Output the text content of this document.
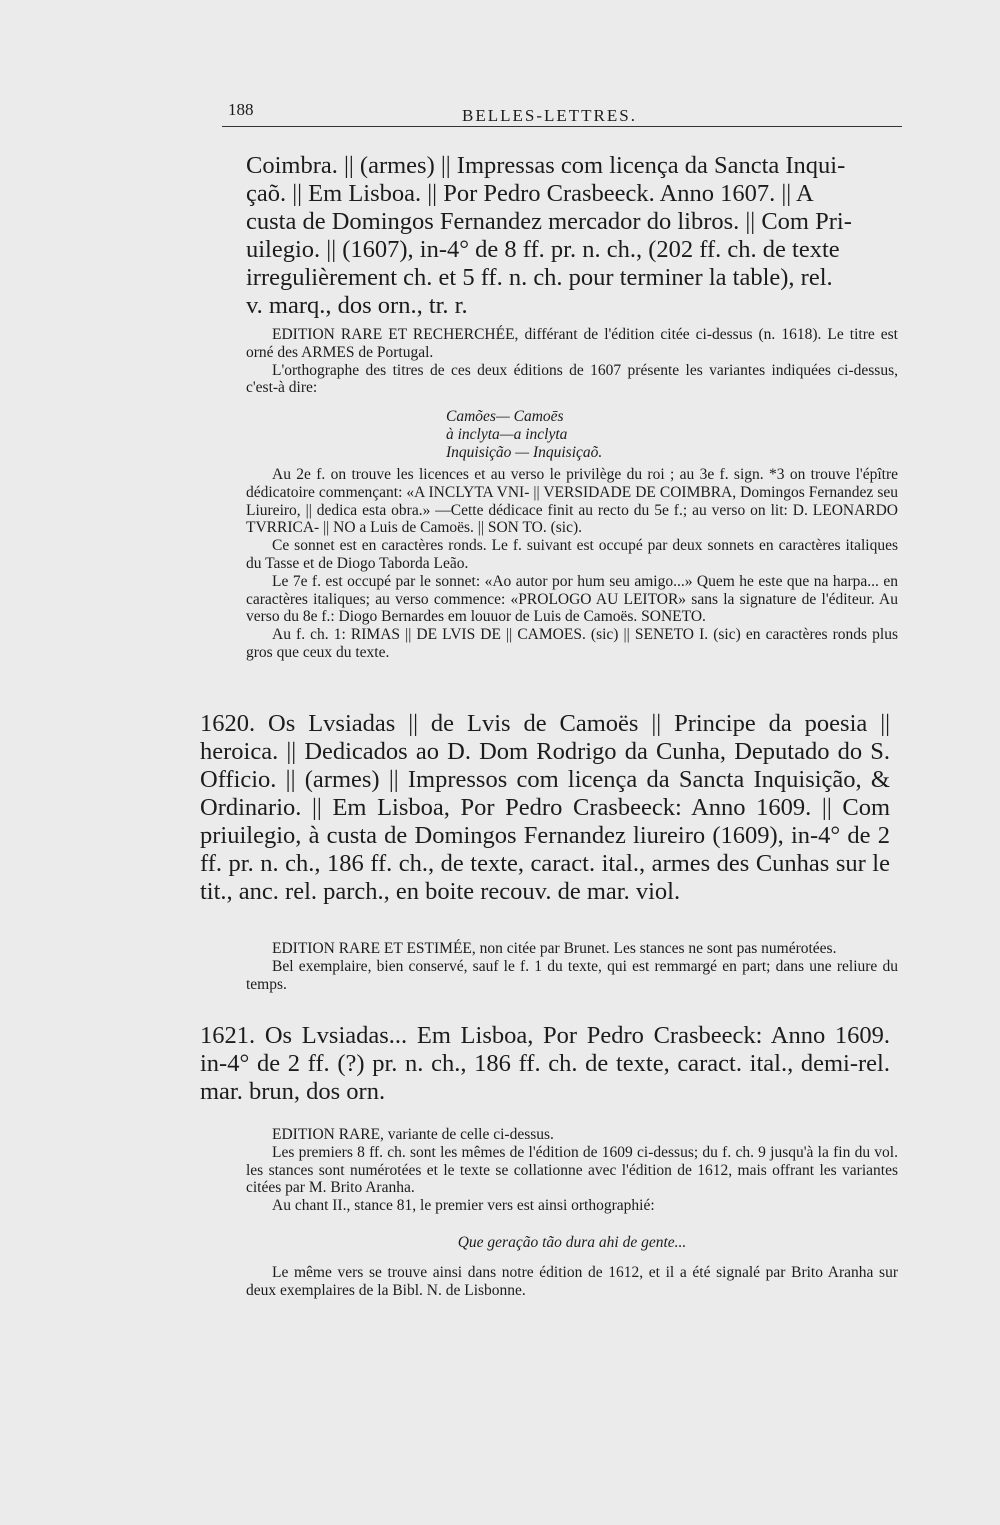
188	BELLES-LETTRES.

Coimbra. || (armes) || Impressas com licença da Sancta Inqui-

çaõ. || Em Lisboa. || Por Pedro Crasbeeck. Anno 1607. || A

custa de Domingos Fernandez mercador do libros. || Com Pri-

uilegio. || (1607), in-4° de 8 ff. pr. n. ch., (202 ff. ch. de texte

irregulièrement ch. et 5 ff. n. ch. pour terminer la table), rel.

v. marq., dos orn., tr. r.

EDITION RARE ET RECHERCHÉE, différant de l'édition citée ci-dessus (n. 1618). Le titre est orné des ARMES de Portugal.

L'orthographe des titres de ces deux éditions de 1607 présente les variantes indiquées ci-dessus, c'est-à dire:

Camões— Camoēs

à inclyta—a inclyta

Inquisição — Inquisiçaõ.

Au 2e f. on trouve les licences et au verso le privilège du roi ; au 3e f. sign. *3 on trouve l'épître dédicatoire commençant: «A INCLYTA VNI- || VERSIDADE DE COIMBRA, Domingos Fernandez seu Liureiro, || dedica esta obra.» —Cette dédicace finit au recto du 5e f.; au verso on lit: D. LEONARDO TVRRICA- || NO a Luis de Camoës. || SON TO. (sic).

Ce sonnet est en caractères ronds. Le f. suivant est occupé par deux sonnets en caractères italiques du Tasse et de Diogo Taborda Leão.

Le 7e f. est occupé par le sonnet: «Ao autor por hum seu amigo...» Quem he este que na harpa... en caractères italiques; au verso commence: «PROLOGO AU LEITOR» sans la signature de l'éditeur. Au verso du 8e f.: Diogo Bernardes em louuor de Luis de Camoës. SONETO.

Au f. ch. 1: RIMAS || DE LVIS DE || CAMOES. (sic) || SENETO I. (sic) en caractères ronds plus gros que ceux du texte.

1620. Os Lvsiadas || de Lvis de Camoës || Principe da poesia || heroica. || Dedicados ao D. Dom Rodrigo da Cunha, Deputado do S. Officio. || (armes) || Impressos com licença da Sancta Inquisição, & Ordinario. || Em Lisboa, Por Pedro Crasbeeck: Anno 1609. || Com priuilegio, à custa de Domingos Fernandez liureiro (1609), in-4° de 2 ff. pr. n. ch., 186 ff. ch., de texte, caract. ital., armes des Cunhas sur le tit., anc. rel. parch., en boite recouv. de mar. viol.

EDITION RARE ET ESTIMÉE, non citée par Brunet. Les stances ne sont pas numérotées.

Bel exemplaire, bien conservé, sauf le f. 1 du texte, qui est remmargé en part; dans une reliure du temps.

1621. Os Lvsiadas... Em Lisboa, Por Pedro Crasbeeck: Anno 1609. in-4° de 2 ff. (?) pr. n. ch., 186 ff. ch. de texte, caract. ital., demi-rel. mar. brun, dos orn.

EDITION RARE, variante de celle ci-dessus.

Les premiers 8 ff. ch. sont les mêmes de l'édition de 1609 ci-dessus; du f. ch. 9 jusqu'à la fin du vol. les stances sont numérotées et le texte se collationne avec l'édition de 1612, mais offrant les variantes citées par M. Brito Aranha.

Au chant II., stance 81, le premier vers est ainsi orthographié:

Que geração tão dura ahi de gente...

Le même vers se trouve ainsi dans notre édition de 1612, et il a été signalé par Brito Aranha sur deux exemplaires de la Bibl. N. de Lisbonne.
